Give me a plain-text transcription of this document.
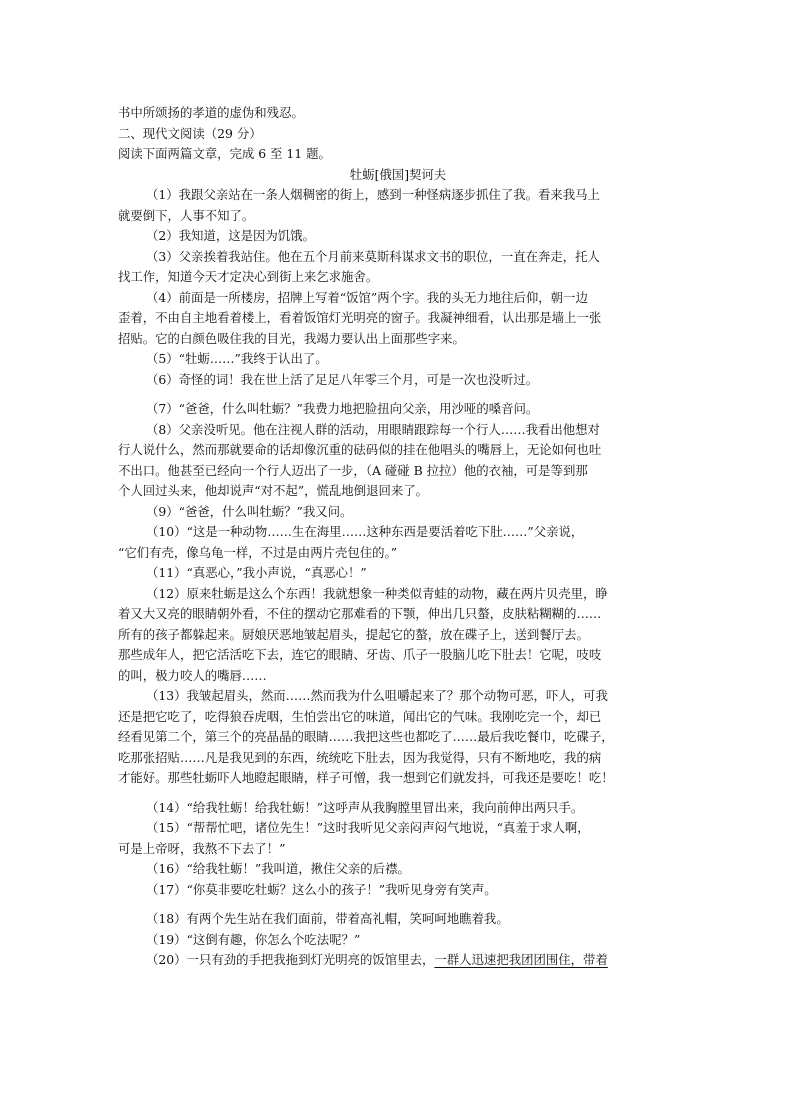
书中所颂扬的孝道的虚伪和残忍。
二、现代文阅读（29 分）
阅读下面两篇文章，完成 6 至 11 题。
牡蛎[俄国]契诃夫
（1）我跟父亲站在一条人烟稠密的街上，感到一种怪病逐步抓住了我。看来我马上
就要倒下，人事不知了。
（2）我知道，这是因为饥饿。
（3）父亲挨着我站住。他在五个月前来莫斯科谋求文书的职位，一直在奔走，托人
找工作，知道今天才定决心到街上来乞求施舍。
（4）前面是一所楼房，招牌上写着“饭馆”两个字。我的头无力地往后仰，朝一边
歪着，不由自主地看着楼上，看着饭馆灯光明亮的窗子。我凝神细看，认出那是墙上一张
招贴。它的白颜色吸住我的目光，我竭力要认出上面那些字来。
（5）“牡蛎……”我终于认出了。
（6）奇怪的词！我在世上活了足足八年零三个月，可是一次也没听过。
（7）“爸爸，什么叫牡蛎？”我费力地把脸扭向父亲，用沙哑的嗓音问。
（8）父亲没听见。他在注视人群的活动，用眼睛跟踪每一个行人……我看出他想对
行人说什么，然而那就要命的话却像沉重的砝码似的挂在他唱头的嘴唇上，无论如何也吐
不出口。他甚至已经向一个行人迈出了一步，（A 碰碰 B 拉拉）他的衣袖，可是等到那
个人回过头来，他却说声“对不起”，慌乱地倒退回来了。
（9）“爸爸，什么叫牡蛎？”我又问。
（10）“这是一种动物……生在海里……这种东西是要活着吃下肚……”父亲说，
“它们有壳，像乌龟一样，不过是由两片壳包住的。”
（11）“真恶心，”我小声说，“真恶心！”
（12）原来牡蛎是这么个东西！我就想象一种类似青蛙的动物，藏在两片贝壳里，睁
着又大又亮的眼睛朝外看，不住的摆动它那难看的下颚，伸出几只螯，皮肤粘糊糊的……
所有的孩子都躲起来。厨娘厌恶地皱起眉头，提起它的螯，放在碟子上，送到餐厅去。
那些成年人，把它活活吃下去，连它的眼睛、牙齿、爪子一股脑儿吃下肚去！它呢，吱吱
的叫，极力咬人的嘴唇……
（13）我皱起眉头，然而……然而我为什么咀嚼起来了？那个动物可恶，吓人，可我
还是把它吃了，吃得狼吞虎咽，生怕尝出它的味道，闻出它的气味。我刚吃完一个，却已
经看见第二个，第三个的亮晶晶的眼睛……我把这些也都吃了……最后我吃餐巾，吃碟子，
吃那张招贴……凡是我见到的东西，统统吃下肚去，因为我觉得，只有不断地吃，我的病
才能好。那些牡蛎吓人地瞪起眼睛，样子可憎，我一想到它们就发抖，可我还是要吃！吃！
（14）“给我牡蛎！给我牡蛎！”这呼声从我胸膛里冒出来，我向前伸出两只手。
（15）“帮帮忙吧，诸位先生！”这时我听见父亲闷声闷气地说，“真羞于求人啊，
可是上帝呀，我熬不下去了！”
（16）“给我牡蛎！”我叫道，揪住父亲的后襟。
（17）“你莫非要吃牡蛎？这么小的孩子！”我听见身旁有笑声。
（18）有两个先生站在我们面前，带着高礼帽，笑呵呵地瞧着我。
（19）“这倒有趣，你怎么个吃法呢？”
（20）一只有劲的手把我拖到灯光明亮的饭馆里去，一群人迅速把我团团围住，带着
